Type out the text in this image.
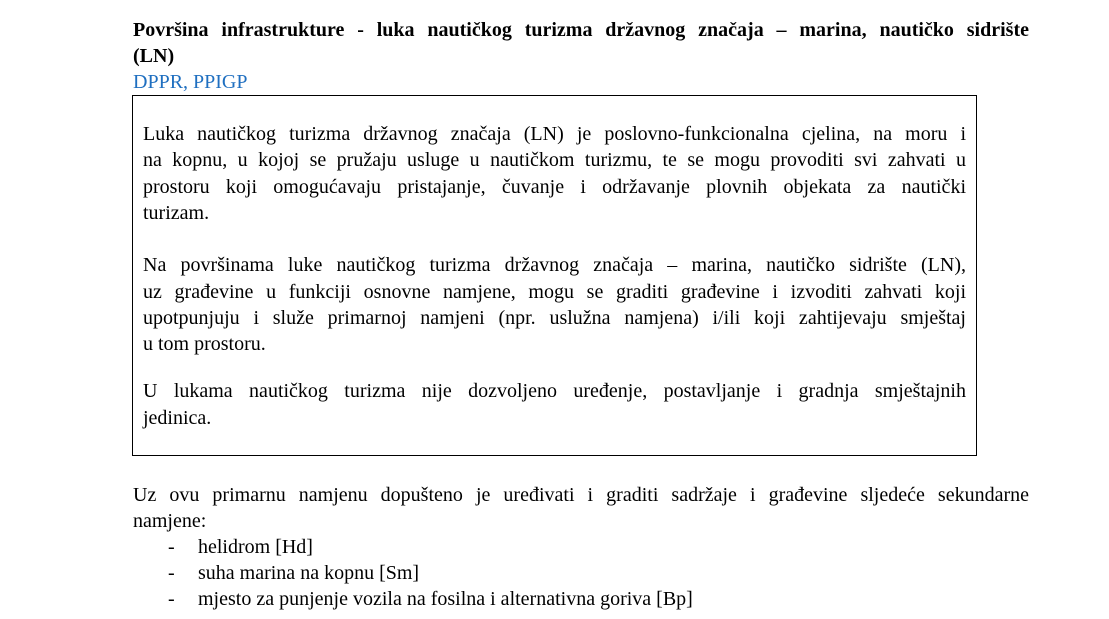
Površina infrastrukture - luka nautičkog turizma državnog značaja – marina, nautičko sidrište
(LN)
DPPR, PPIGP
Luka nautičkog turizma državnog značaja (LN) je poslovno-funkcionalna cjelina, na moru i
na kopnu, u kojoj se pružaju usluge u nautičkom turizmu, te se mogu provoditi svi zahvati u
prostoru koji omogućavaju pristajanje, čuvanje i održavanje plovnih objekata za nautički
turizam.
Na površinama luke nautičkog turizma državnog značaja – marina, nautičko sidrište (LN),
uz građevine u funkciji osnovne namjene, mogu se graditi građevine i izvoditi zahvati koji
upotpunjuju i služe primarnoj namjeni (npr. uslužna namjena) i/ili koji zahtijevaju smještaj
u tom prostoru.
U lukama nautičkog turizma nije dozvoljeno uređenje, postavljanje i gradnja smještajnih
jedinica.
Uz ovu primarnu namjenu dopušteno je uređivati i graditi sadržaje i građevine sljedeće sekundarne
namjene:
- helidrom [Hd]
- suha marina na kopnu [Sm]
- mjesto za punjenje vozila na fosilna i alternativna goriva [Bp]
